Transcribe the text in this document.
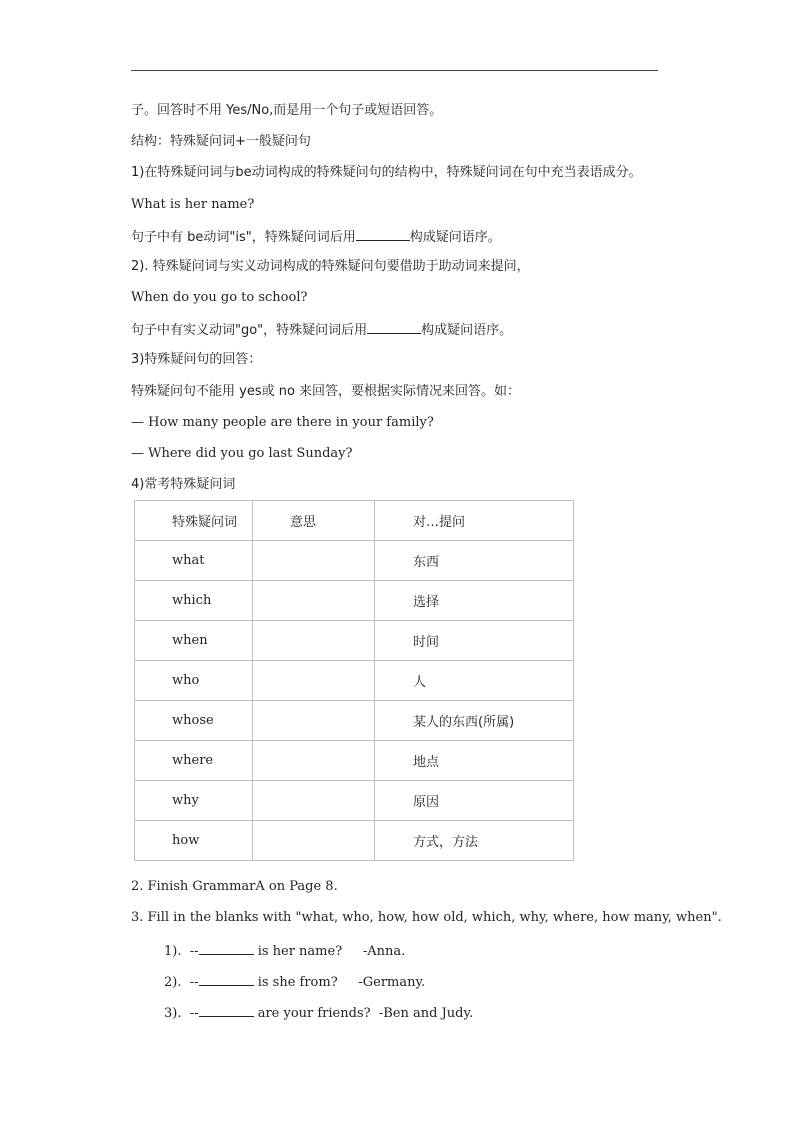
子。回答时不用 Yes/No,而是用一个句子或短语回答。
结构：特殊疑问词+一般疑问句
1)在特殊疑问词与be动词构成的特殊疑问句的结构中，特殊疑问词在句中充当表语成分。
What is her name?
句子中有 be动词"is"，特殊疑问词后用	构成疑问语序。
2). 特殊疑问词与实义动词构成的特殊疑问句要借助于助动词来提问，
When do you go to school?
句子中有实义动词"go"，特殊疑问词后用	构成疑问语序。
3)特殊疑问句的回答：
特殊疑问句不能用 yes或 no 来回答，要根据实际情况来回答。如：
— How many people are there in your family?
— Where did you go last Sunday?
4)常考特殊疑问词
特殊疑问词	意思	对…提问
what		东西
which		选择
when		时间
who		人
whose		某人的东西(所属)
where		地点
why		原因
how		方式，方法
2. Finish GrammarA on Page 8.
3. Fill in the blanks with "what, who, how, how old, which, why, where, how many, when".
1). --	is her name? -Anna.
2). --	is she from? -Germany.
3). --	are your friends? -Ben and Judy.
